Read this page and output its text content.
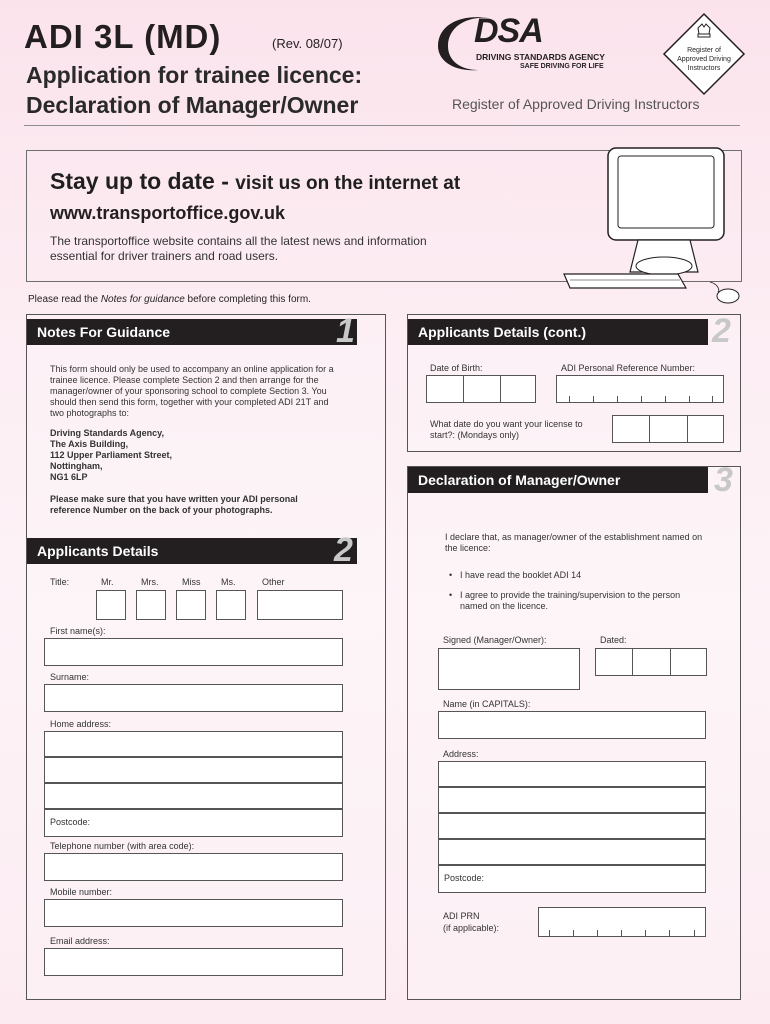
ADI 3L (MD)	(Rev. 08/07)
Application for trainee licence:
Declaration of Manager/Owner
DSA
DRIVING STANDARDS AGENCY
SAFE DRIVING FOR LIFE
Register of
Approved Driving
Instructors
Register of Approved Driving Instructors
Stay up to date - visit us on the internet at
www.transportoffice.gov.uk
The transportoffice website contains all the latest news and information essential for driver trainers and road users.
Please read the Notes for guidance before completing this form.
Notes For Guidance	1
This form should only be used to accompany an online application for a trainee licence. Please complete Section 2 and then arrange for the manager/owner of your sponsoring school to complete Section 3. You should then send this form, together with your completed ADI 21T and two photographs to:
Driving Standards Agency,
The Axis Building,
112 Upper Parliament Street,
Nottingham,
NG1 6LP
Please make sure that you have written your ADI personal reference Number on the back of your photographs.
Applicants Details	2
Title:	Mr.	Mrs.	Miss Ms.	Other
First name(s):
Surname:
Home address:
Postcode:
Telephone number (with area code):
Mobile number:
Email address:
Applicants Details (cont.)	2
Date of Birth:	ADI Personal Reference Number:
What date do you want your license to start?: (Mondays only)
Declaration of Manager/Owner	3
I declare that, as manager/owner of the establishment named on the licence:
• I have read the booklet ADI 14
• I agree to provide the training/supervision to the person named on the licence.
Signed (Manager/Owner):	Dated:
Name (in CAPITALS):
Address:
Postcode:
ADI PRN
(if applicable):
